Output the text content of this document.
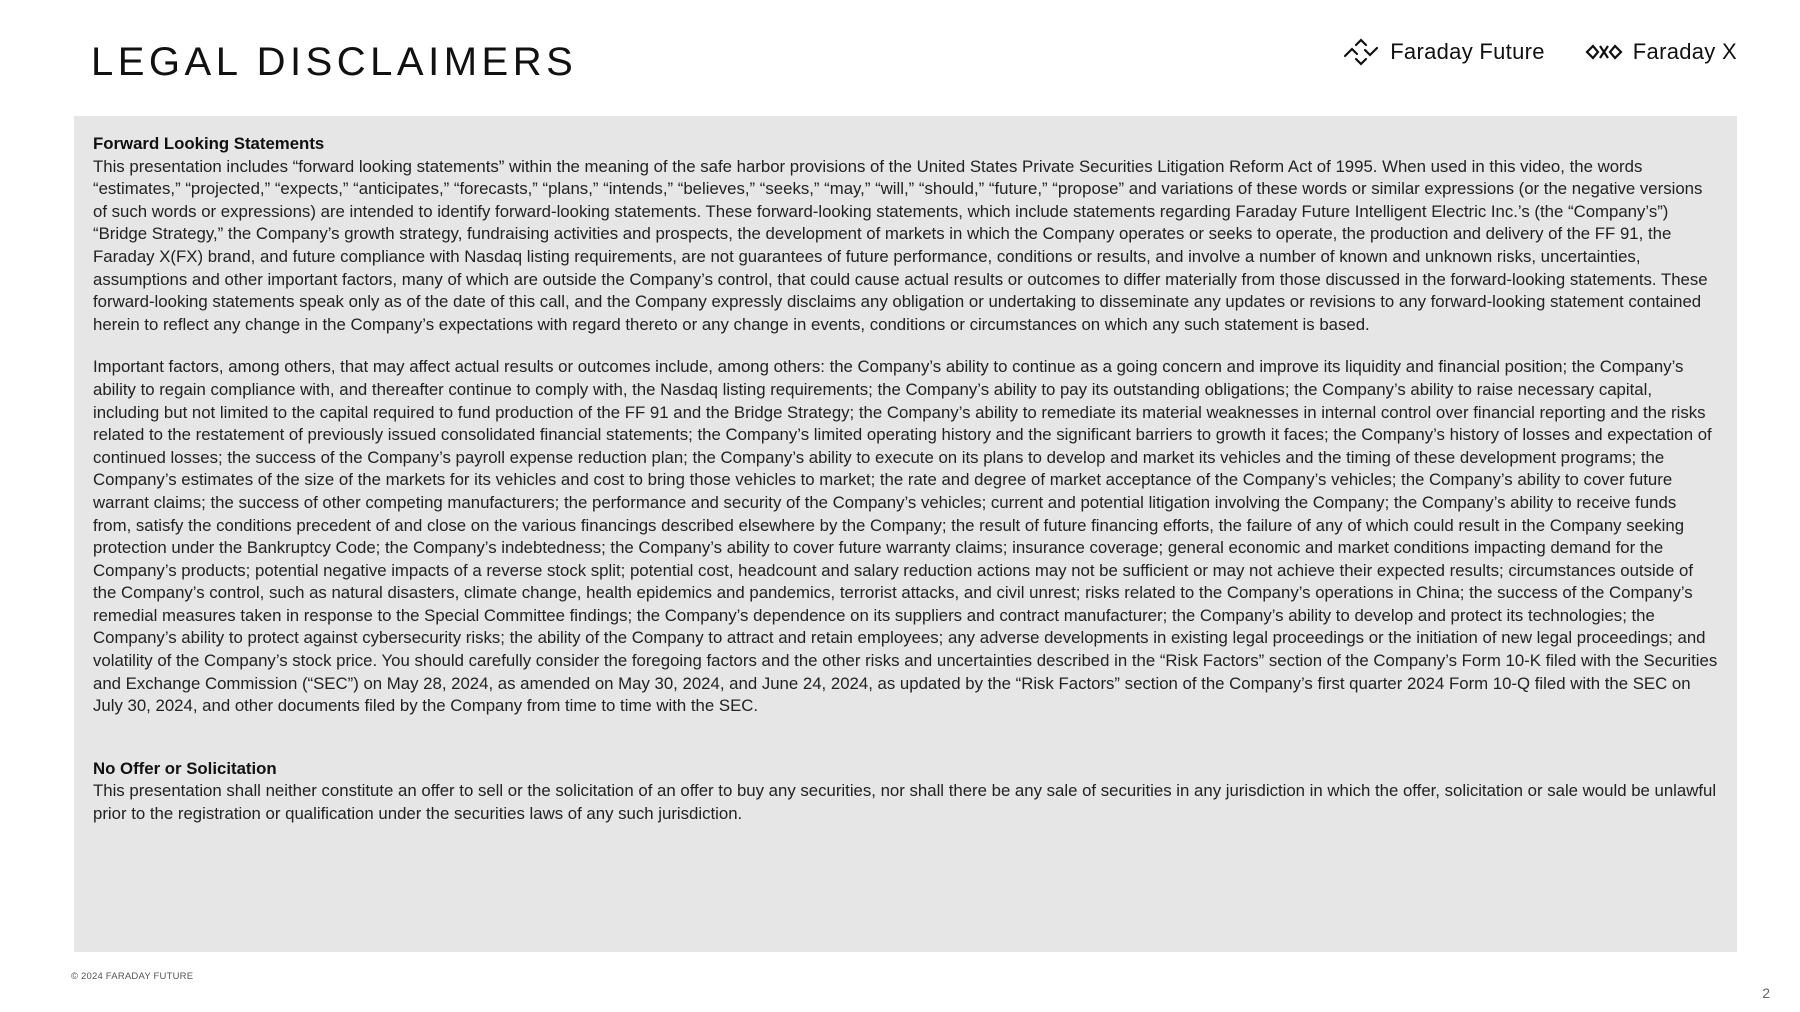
LEGAL DISCLAIMERS	Faraday Future	Faraday X
Forward Looking Statements

This presentation includes “forward looking statements” within the meaning of the safe harbor provisions of the United States Private Securities Litigation Reform Act of 1995. When used in this video, the words “estimates,” “projected,” “expects,” “anticipates,” “forecasts,” “plans,” “intends,” “believes,” “seeks,” “may,” “will,” “should,” “future,” “propose” and variations of these words or similar expressions (or the negative versions of such words or expressions) are intended to identify forward-looking statements. These forward-looking statements, which include statements regarding Faraday Future Intelligent Electric Inc.’s (the “Company’s”) “Bridge Strategy,” the Company’s growth strategy, fundraising activities and prospects, the development of markets in which the Company operates or seeks to operate, the production and delivery of the FF 91, the Faraday X(FX) brand, and future compliance with Nasdaq listing requirements, are not guarantees of future performance, conditions or results, and involve a number of known and unknown risks, uncertainties, assumptions and other important factors, many of which are outside the Company’s control, that could cause actual results or outcomes to differ materially from those discussed in the forward-looking statements. These forward-looking statements speak only as of the date of this call, and the Company expressly disclaims any obligation or undertaking to disseminate any updates or revisions to any forward-looking statement contained herein to reflect any change in the Company’s expectations with regard thereto or any change in events, conditions or circumstances on which any such statement is based.

Important factors, among others, that may affect actual results or outcomes include, among others: the Company’s ability to continue as a going concern and improve its liquidity and financial position; the Company’s ability to regain compliance with, and thereafter continue to comply with, the Nasdaq listing requirements; the Company’s ability to pay its outstanding obligations; the Company’s ability to raise necessary capital, including but not limited to the capital required to fund production of the FF 91 and the Bridge Strategy; the Company’s ability to remediate its material weaknesses in internal control over financial reporting and the risks related to the restatement of previously issued consolidated financial statements; the Company’s limited operating history and the significant barriers to growth it faces; the Company’s history of losses and expectation of continued losses; the success of the Company’s payroll expense reduction plan; the Company’s ability to execute on its plans to develop and market its vehicles and the timing of these development programs; the Company’s estimates of the size of the markets for its vehicles and cost to bring those vehicles to market; the rate and degree of market acceptance of the Company’s vehicles; the Company’s ability to cover future warrant claims; the success of other competing manufacturers; the performance and security of the Company’s vehicles; current and potential litigation involving the Company; the Company’s ability to receive funds from, satisfy the conditions precedent of and close on the various financings described elsewhere by the Company; the result of future financing efforts, the failure of any of which could result in the Company seeking protection under the Bankruptcy Code; the Company’s indebtedness; the Company’s ability to cover future warranty claims; insurance coverage; general economic and market conditions impacting demand for the Company’s products; potential negative impacts of a reverse stock split; potential cost, headcount and salary reduction actions may not be sufficient or may not achieve their expected results; circumstances outside of the Company’s control, such as natural disasters, climate change, health epidemics and pandemics, terrorist attacks, and civil unrest; risks related to the Company’s operations in China; the success of the Company’s remedial measures taken in response to the Special Committee findings; the Company’s dependence on its suppliers and contract manufacturer; the Company’s ability to develop and protect its technologies; the Company’s ability to protect against cybersecurity risks; the ability of the Company to attract and retain employees; any adverse developments in existing legal proceedings or the initiation of new legal proceedings; and volatility of the Company’s stock price. You should carefully consider the foregoing factors and the other risks and uncertainties described in the “Risk Factors” section of the Company’s Form 10-K filed with the Securities and Exchange Commission (“SEC”) on May 28, 2024, as amended on May 30, 2024, and June 24, 2024, as updated by the “Risk Factors” section of the Company’s first quarter 2024 Form 10-Q filed with the SEC on July 30, 2024, and other documents filed by the Company from time to time with the SEC.

No Offer or Solicitation

This presentation shall neither constitute an offer to sell or the solicitation of an offer to buy any securities, nor shall there be any sale of securities in any jurisdiction in which the offer, solicitation or sale would be unlawful prior to the registration or qualification under the securities laws of any such jurisdiction.

© 2024 FARADAY FUTURE
2
